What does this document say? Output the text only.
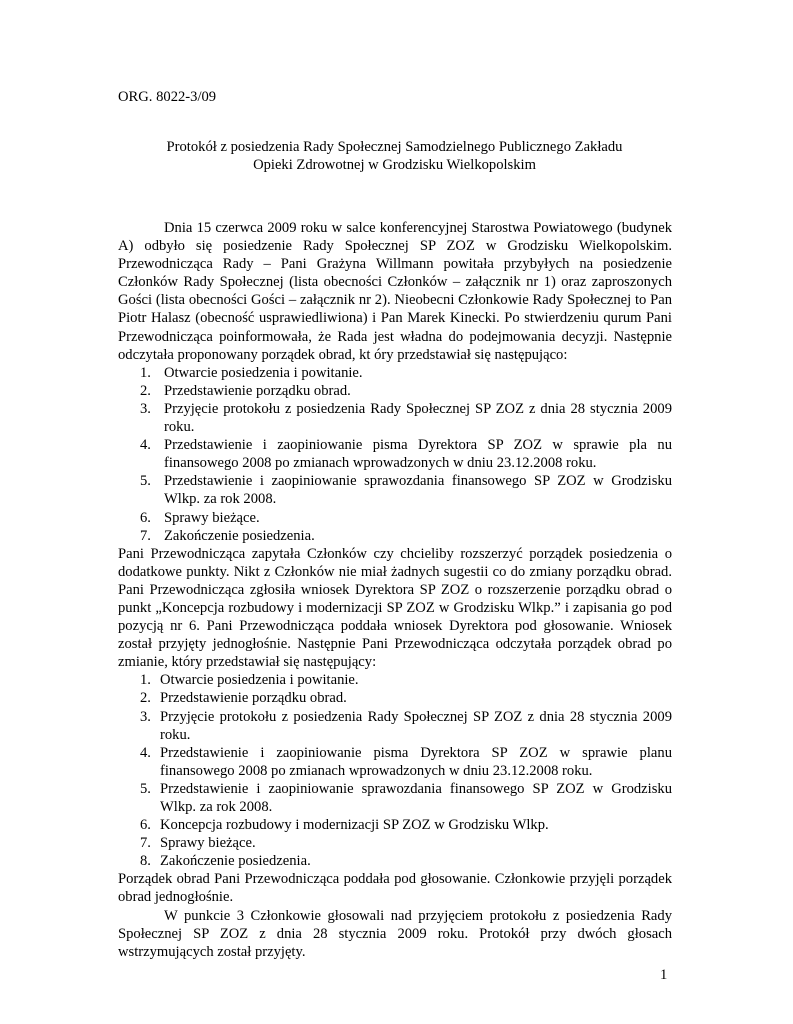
ORG. 8022-3/09
Protokół z posiedzenia Rady Społecznej Samodzielnego Publicznego Zakładu
Opieki Zdrowotnej w Grodzisku Wielkopolskim

Dnia 15 czerwca 2009 roku w salce konferencyjnej Starostwa Powiatowego (budynek A) odbyło się posiedzenie Rady Społecznej SP ZOZ w Grodzisku Wielkopolskim. Przewodnicząca Rady – Pani Grażyna Willmann powitała przybyłych na posiedzenie Członków Rady Społecznej (lista obecności Członków – załącznik nr 1) oraz zaproszonych Gości (lista obecności Gości – załącznik nr 2). Nieobecni Członkowie Rady Społecznej to Pan Piotr Halasz (obecność usprawiedliwiona) i Pan Marek Kinecki. Po stwierdzeniu qurum Pani Przewodnicząca poinformowała, że Rada jest władna do podejmowania decyzji. Następnie odczytała proponowany porządek obrad, kt óry przedstawiał się następująco:

1. Otwarcie posiedzenia i powitanie.
2. Przedstawienie porządku obrad.
3. Przyjęcie protokołu z posiedzenia Rady Społecznej SP ZOZ z dnia 28 stycznia 2009 roku.
4. Przedstawienie i zaopiniowanie pisma Dyrektora SP ZOZ w sprawie pla nu finansowego 2008 po zmianach wprowadzonych w dniu 23.12.2008 roku.
5. Przedstawienie i zaopiniowanie sprawozdania finansowego SP ZOZ w Grodzisku Wlkp. za rok 2008.
6. Sprawy bieżące.
7. Zakończenie posiedzenia.

Pani Przewodnicząca zapytała Członków czy chcieliby rozszerzyć porządek posiedzenia o dodatkowe punkty. Nikt z Członków nie miał żadnych sugestii co do zmiany porządku obrad. Pani Przewodnicząca zgłosiła wniosek Dyrektora SP ZOZ o rozszerzenie porządku obrad o punkt „Koncepcja rozbudowy i modernizacji SP ZOZ w Grodzisku Wlkp.” i zapisania go pod pozycją nr 6. Pani Przewodnicząca poddała wniosek Dyrektora pod głosowanie. Wniosek został przyjęty jednogłośnie. Następnie Pani Przewodnicząca odczytała porządek obrad po zmianie, który przedstawiał się następujący:

1. Otwarcie posiedzenia i powitanie.
2. Przedstawienie porządku obrad.
3. Przyjęcie protokołu z posiedzenia Rady Społecznej SP ZOZ z dnia 28 stycznia 2009 roku.
4. Przedstawienie i zaopiniowanie pisma Dyrektora SP ZOZ w sprawie planu finansowego 2008 po zmianach wprowadzonych w dniu 23.12.2008 roku.
5. Przedstawienie i zaopiniowanie sprawozdania finansowego SP ZOZ w Grodzisku Wlkp. za rok 2008.
6. Koncepcja rozbudowy i modernizacji SP ZOZ w Grodzisku Wlkp.
7. Sprawy bieżące.
8. Zakończenie posiedzenia.

Porządek obrad Pani Przewodnicząca poddała pod głosowanie. Członkowie przyjęli porządek obrad jednogłośnie.

W punkcie 3 Członkowie głosowali nad przyjęciem protokołu z posiedzenia Rady Społecznej SP ZOZ z dnia 28 stycznia 2009 roku. Protokół przy dwóch głosach wstrzymujących został przyjęty.

1
